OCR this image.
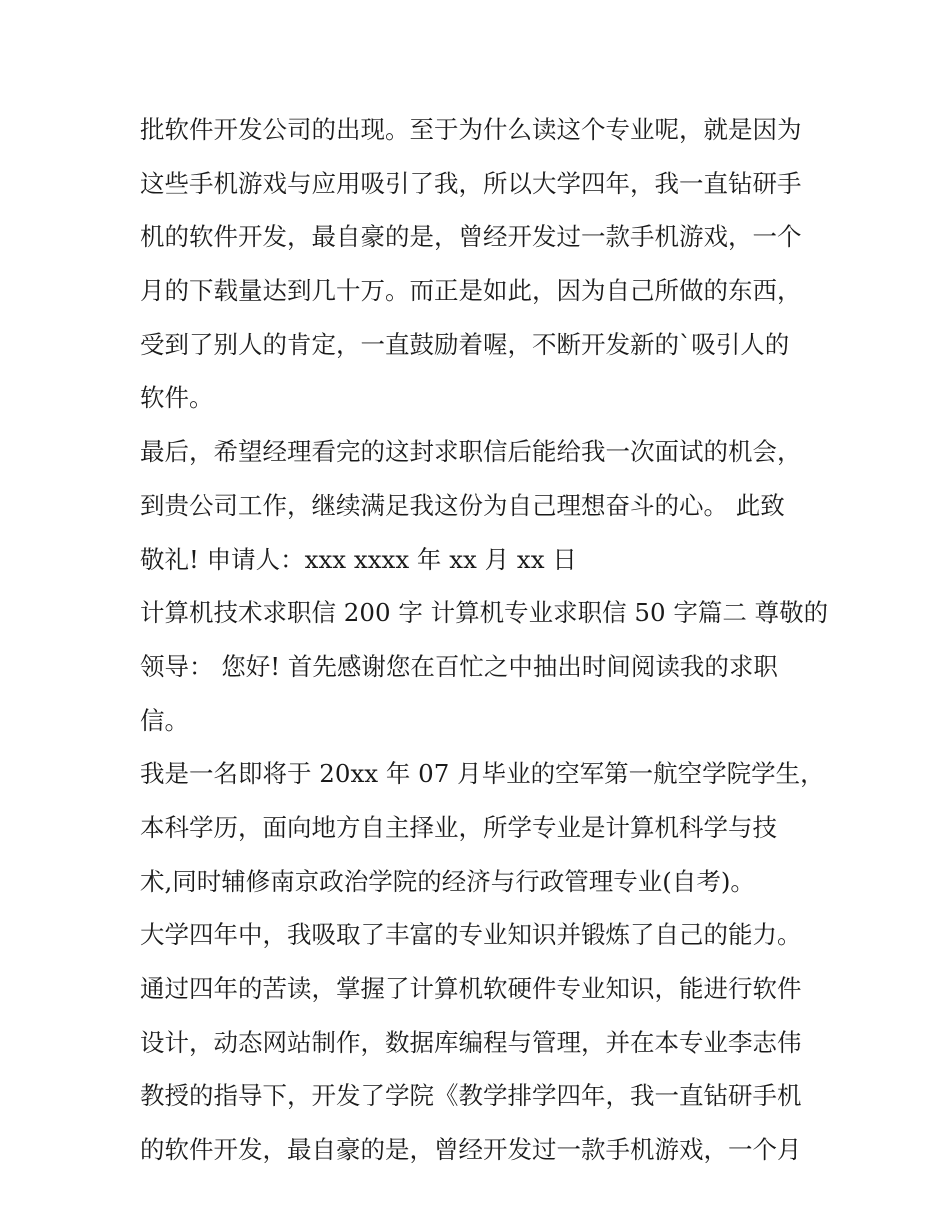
批软件开发公司的出现。至于为什么读这个专业呢，就是因为
这些手机游戏与应用吸引了我，所以大学四年，我一直钻研手
机的软件开发，最自豪的是，曾经开发过一款手机游戏，一个
月的下载量达到几十万。而正是如此，因为自己所做的东西，
受到了别人的肯定，一直鼓励着喔，不断开发新的`吸引人的
软件。
最后，希望经理看完的这封求职信后能给我一次面试的机会，
到贵公司工作，继续满足我这份为自己理想奋斗的心。 此致
敬礼! 申请人：xxx xxxx 年 xx 月 xx 日
计算机技术求职信 200 字 计算机专业求职信 50 字篇二 尊敬的
领导： 您好! 首先感谢您在百忙之中抽出时间阅读我的求职
信。
我是一名即将于 20xx 年 07 月毕业的空军第一航空学院学生，
本科学历，面向地方自主择业，所学专业是计算机科学与技
术,同时辅修南京政治学院的经济与行政管理专业(自考)。
大学四年中，我吸取了丰富的专业知识并锻炼了自己的能力。
通过四年的苦读，掌握了计算机软硬件专业知识，能进行软件
设计，动态网站制作，数据库编程与管理，并在本专业李志伟
教授的指导下，开发了学院《教学排学四年，我一直钻研手机
的软件开发，最自豪的是，曾经开发过一款手机游戏，一个月
